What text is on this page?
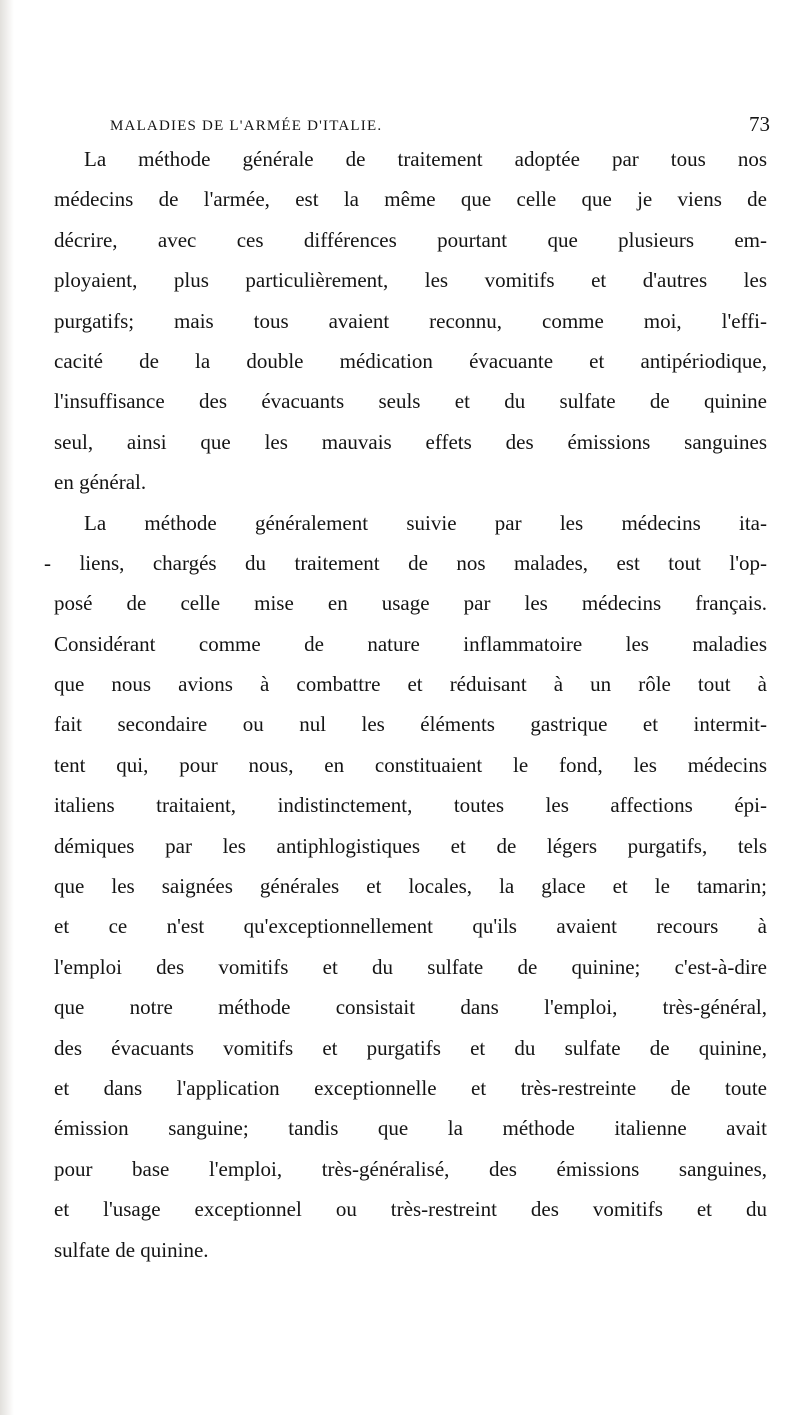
MALADIES DE L'ARMÉE D'ITALIE.	73
La méthode générale de traitement adoptée par tous nos
médecins de l'armée, est la même que celle que je viens de
décrire, avec ces différences pourtant que plusieurs em-
ployaient, plus particulièrement, les vomitifs et d'autres les
purgatifs; mais tous avaient reconnu, comme moi, l'effi-
cacité de la double médication évacuante et antipériodique,
l'insuffisance des évacuants seuls et du sulfate de quinine
seul, ainsi que les mauvais effets des émissions sanguines
en général.
La méthode généralement suivie par les médecins ita-
- liens, chargés du traitement de nos malades, est tout l'op-
posé de celle mise en usage par les médecins français.
Considérant comme de nature inflammatoire les maladies
que nous avions à combattre et réduisant à un rôle tout à
fait secondaire ou nul les éléments gastrique et intermit-
tent qui, pour nous, en constituaient le fond, les médecins
italiens traitaient, indistinctement, toutes les affections épi-
démiques par les antiphlogistiques et de légers purgatifs, tels
que les saignées générales et locales, la glace et le tamarin;
et ce n'est qu'exceptionnellement qu'ils avaient recours à
l'emploi des vomitifs et du sulfate de quinine; c'est-à-dire
que notre méthode consistait dans l'emploi, très-général,
des évacuants vomitifs et purgatifs et du sulfate de quinine,
et dans l'application exceptionnelle et très-restreinte de toute
émission sanguine; tandis que la méthode italienne avait
pour base l'emploi, très-généralisé, des émissions sanguines,
et l'usage exceptionnel ou très-restreint des vomitifs et du
sulfate de quinine.
